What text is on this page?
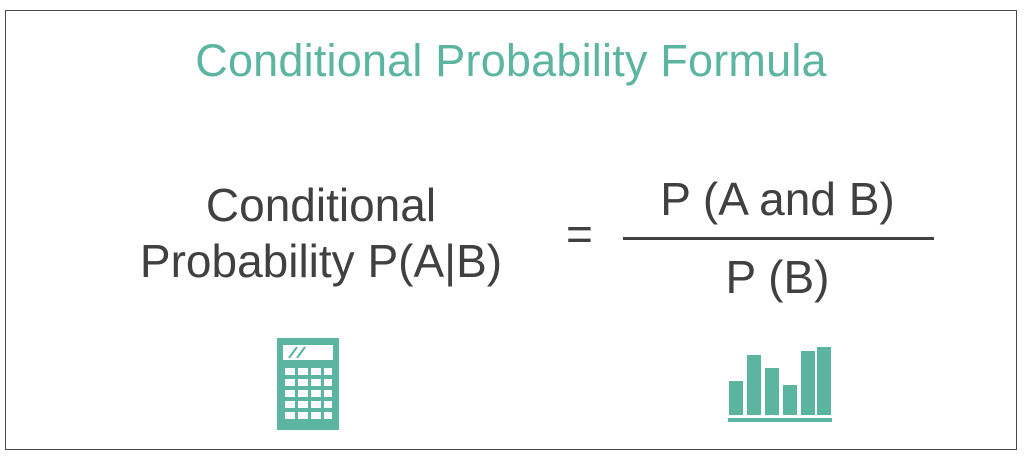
Conditional Probability Formula
Conditional
Probability P(A|B)
=
P (A and B)
P (B)
